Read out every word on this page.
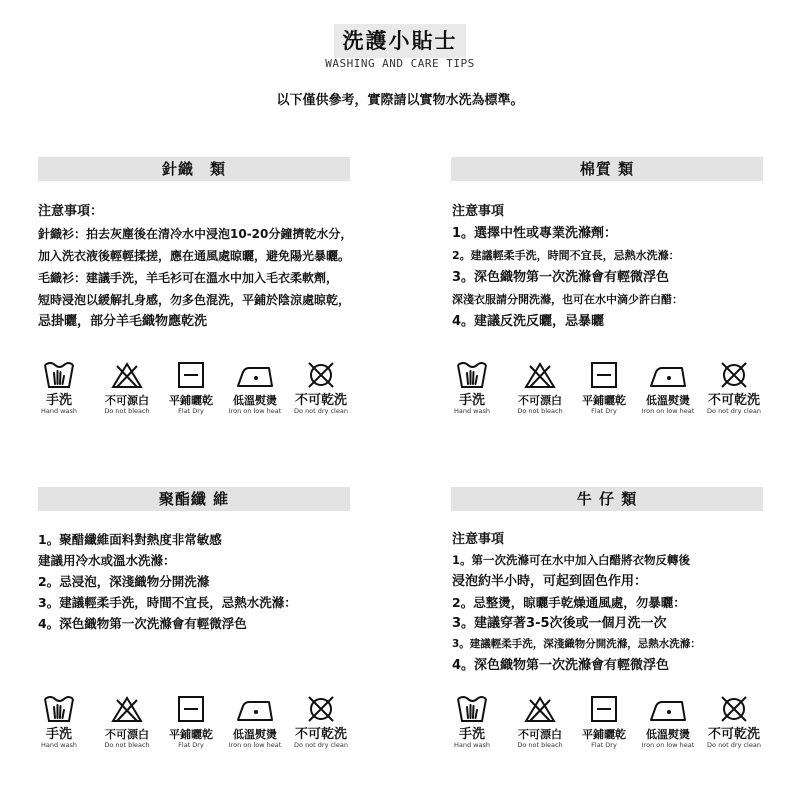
洗護小貼士
WASHING AND CARE TIPS
以下僅供參考，實際請以實物水洗為標準。
針織　類
注意事項：
針織衫：拍去灰塵後在清冷水中浸泡10-20分鐘擠乾水分，
加入洗衣液後輕輕揉搓，應在通風處晾曬，避免陽光暴曬。
毛織衫：建議手洗，羊毛衫可在溫水中加入毛衣柔軟劑，
短時浸泡以緩解扎身感，勿多色混洗，平鋪於陰涼處晾乾，
忌掛曬，部分羊毛織物應乾洗
手洗
Hand wash
不可源白
Do not bleach
平鋪曬乾
Flat Dry
低溫熨燙
Iron on low heat
不可乾洗
Do not dry clean
棉質 類
注意事項
1。選擇中性或專業洗滌劑：
2。建議輕柔手洗，時間不宜長，忌熱水洗滌：
3。深色織物第一次洗滌會有輕微浮色
深淺衣服請分開洗滌，也可在水中滴少許白醋：
4。建議反洗反曬，忌暴曬
手洗
Hand wash
不可漂白
Do not bleach
平鋪曬乾
Flat Dry
低溫熨燙
Iron on low heat
不可乾洗
Do not dry clean
聚酯纖 維
1。聚醋纖維面料對熱度非常敏感
建議用冷水或溫水洗滌：
2。忌浸泡，深淺織物分開洗滌
3。建議輕柔手洗，時間不宜長，忌熱水洗滌：
4。深色織物第一次洗滌會有輕微浮色
手洗
Hand wash
不可漂白
Do not bleach
平鋪曬乾
Flat Dry
低溫熨燙
Iron on low heat
不可乾洗
Do not dry clean
牛 仔 類
注意事項
1。第一次洗滌可在水中加入白醋將衣物反轉後
浸泡約半小時，可起到固色作用：
2。忌整燙，晾曬手乾燥通風處，勿暴曬：
3。建議穿著3-5次後或一個月洗一次
3。建議輕柔手洗，深淺織物分開洗滌，忌熱水洗滌：
4。深色織物第一次洗滌會有輕微浮色
手洗
Hand wash
不可漂白
Do not bleach
平鋪曬乾
Flat Dry
低溫熨燙
Iron on low heat
不可乾洗
Do not dry clean
